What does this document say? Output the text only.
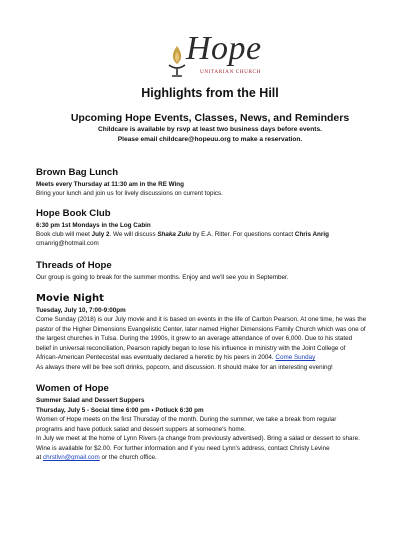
Hope
UNITARIAN CHURCH
Highlights from the Hill
Upcoming Hope Events, Classes, News, and Reminders
Childcare is available by rsvp at least two business days before events.
Please email childcare@hopeuu.org to make a reservation.
Brown Bag Lunch
Meets every Thursday at 11:30 am in the RE Wing
Bring your lunch and join us for lively discussions on current topics.
Hope Book Club
6:30 pm 1st Mondays in the Log Cabin
Book club will meet July 2. We will discuss Shaka Zulu by E.A. Ritter. For questions contact Chris Anrig
cmanrig@hotmail.com
Threads of Hope
Our group is going to break for the summer months. Enjoy and we'll see you in September.
Movie Night
Tuesday, July 10, 7:00-9:00pm
Come Sunday (2018) is our July movie and it is based on events in the life of Carlton Pearson. At one time, he was the
pastor of the Higher Dimensions Evangelistic Center, later named Higher Dimensions Family Church which was one of
the largest churches in Tulsa. During the 1990s, it grew to an average attendance of over 6,000. Due to his stated
belief in universal reconciliation, Pearson rapidly began to lose his influence in ministry with the Joint College of
African-American Pentecostal was eventually declared a heretic by his peers in 2004. Come Sunday
As always there will be free soft drinks, popcorn, and discussion. It should make for an interesting evening!
Women of Hope
Summer Salad and Dessert Suppers
Thursday, July 5 - Social time 6:00 pm • Potluck 6:30 pm
Women of Hope meets on the first Thursday of the month. During the summer, we take a break from regular
programs and have potluck salad and dessert suppers at someone's home.
In July we meet at the home of Lynn Rivers (a change from previously advertised). Bring a salad or dessert to share.
Wine is available for $2.00. For further information and if you need Lynn's address, contact Christy Levine
at chrstlvn@gmail.com or the church office.
